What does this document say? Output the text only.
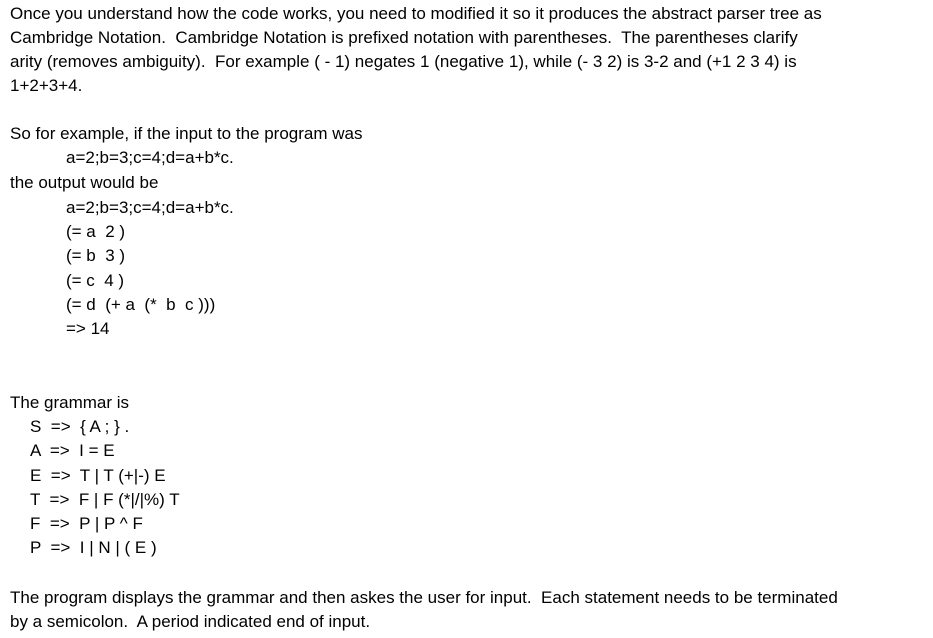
Once you understand how the code works, you need to modified it so it produces the abstract parser tree as
Cambridge Notation.  Cambridge Notation is prefixed notation with parentheses.  The parentheses clarify
arity (removes ambiguity).  For example ( - 1) negates 1 (negative 1), while (- 3 2) is 3-2 and (+1 2 3 4) is
1+2+3+4.
So for example, if the input to the program was
a=2;b=3;c=4;d=a+b*c.
the output would be
a=2;b=3;c=4;d=a+b*c.
(= a  2 )
(= b  3 )
(= c  4 )
(= d  (+ a  (*  b  c )))
=> 14
The grammar is
S  =>  { A ; } .
A  =>  I = E
E  =>  T | T (+|-) E
T  =>  F | F (*|/|%) T
F  =>  P | P ^ F
P  =>  I | N | ( E )
The program displays the grammar and then askes the user for input.  Each statement needs to be terminated
by a semicolon.  A period indicated end of input.
